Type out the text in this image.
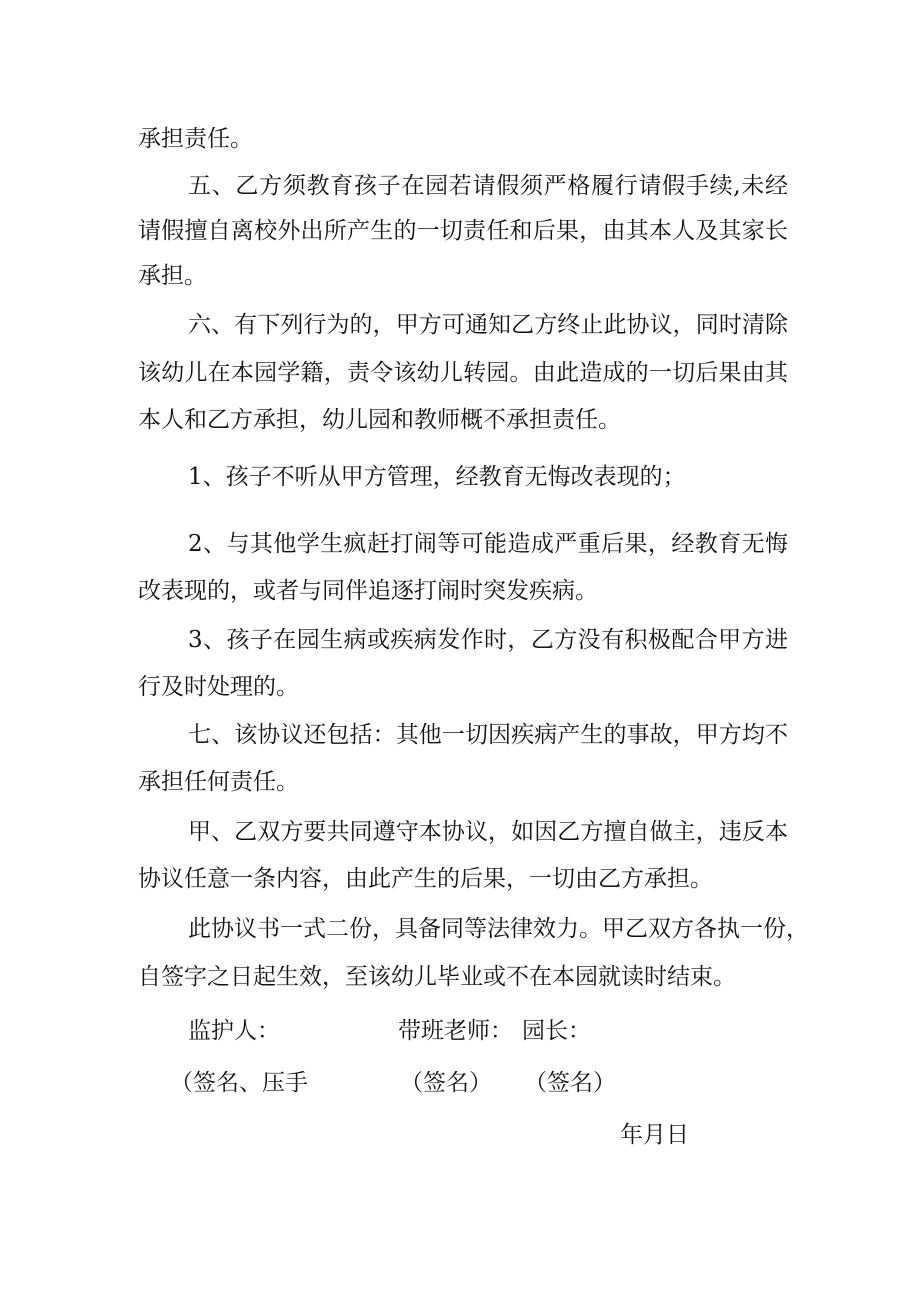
承担责任。
五、乙方须教育孩子在园若请假须严格履行请假手续,未经
请假擅自离校外出所产生的一切责任和后果，由其本人及其家长
承担。
六、有下列行为的，甲方可通知乙方终止此协议，同时清除
该幼儿在本园学籍，责令该幼儿转园。由此造成的一切后果由其
本人和乙方承担，幼儿园和教师概不承担责任。
1、孩子不听从甲方管理，经教育无悔改表现的；
2、与其他学生疯赶打闹等可能造成严重后果，经教育无悔
改表现的，或者与同伴追逐打闹时突发疾病。
3、孩子在园生病或疾病发作时，乙方没有积极配合甲方进
行及时处理的。
七、该协议还包括：其他一切因疾病产生的事故，甲方均不
承担任何责任。
甲、乙双方要共同遵守本协议，如因乙方擅自做主，违反本
协议任意一条内容，由此产生的后果，一切由乙方承担。
此协议书一式二份，具备同等法律效力。甲乙双方各执一份，
自签字之日起生效，至该幼儿毕业或不在本园就读时结束。
监护人：	带班老师： 园长：
（签名、压手	（签名） （签名）
年月日
